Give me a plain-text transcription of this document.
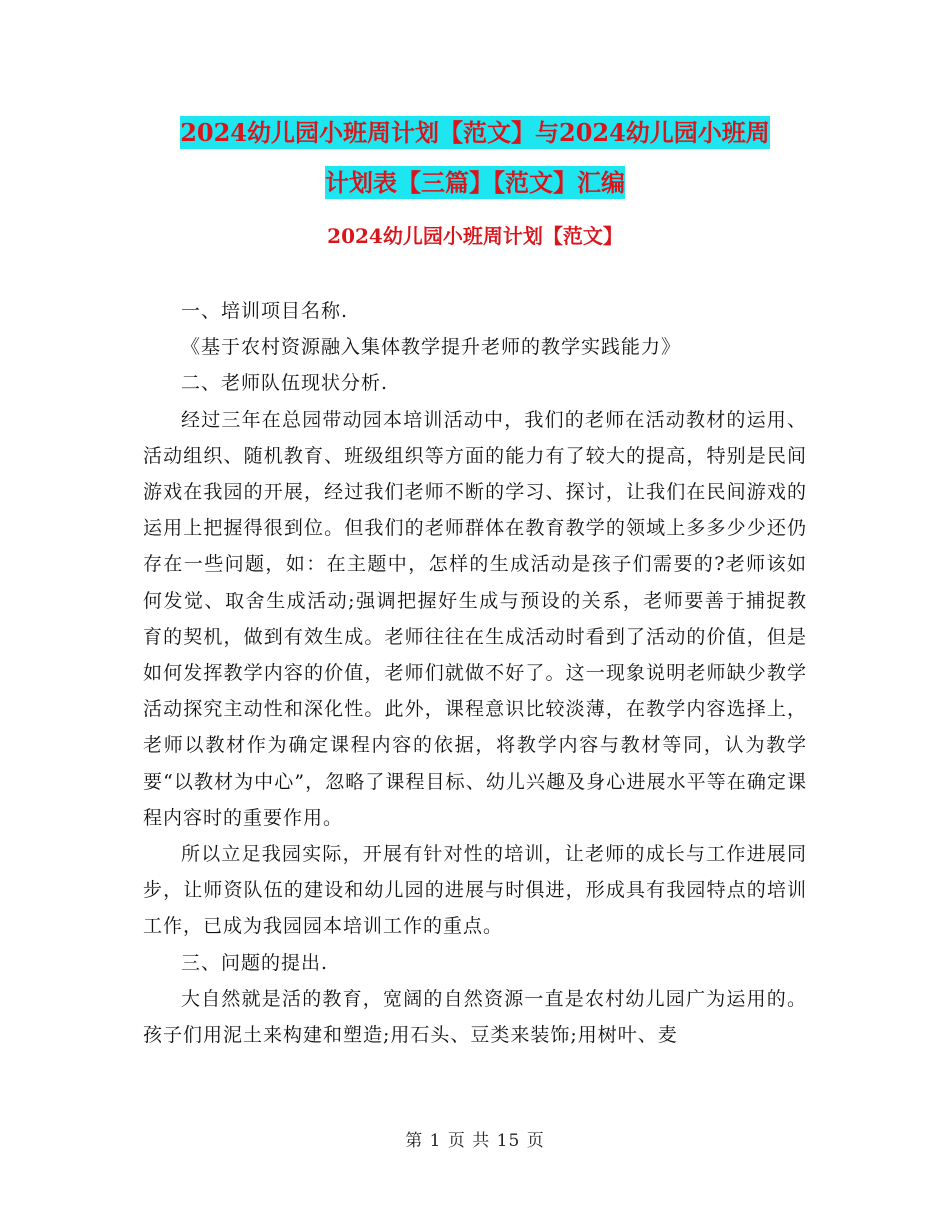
2024幼儿园小班周计划【范文】与2024幼儿园小班周
计划表【三篇】【范文】汇编
2024幼儿园小班周计划【范文】

一、培训项目名称.

《基于农村资源融入集体教学提升老师的教学实践能力》

二、老师队伍现状分析.

经过三年在总园带动园本培训活动中，我们的老师在活动教材的运用、活动组织、随机教育、班级组织等方面的能力有了较大的提高，特别是民间游戏在我园的开展，经过我们老师不断的学习、探讨，让我们在民间游戏的运用上把握得很到位。但我们的老师群体在教育教学的领域上多多少少还仍存在一些问题，如：在主题中，怎样的生成活动是孩子们需要的?老师该如何发觉、取舍生成活动;强调把握好生成与预设的关系，老师要善于捕捉教育的契机，做到有效生成。老师往往在生成活动时看到了活动的价值，但是如何发挥教学内容的价值，老师们就做不好了。这一现象说明老师缺少教学活动探究主动性和深化性。此外，课程意识比较淡薄，在教学内容选择上，老师以教材作为确定课程内容的依据，将教学内容与教材等同，认为教学要“以教材为中心”，忽略了课程目标、幼儿兴趣及身心进展水平等在确定课程内容时的重要作用。

所以立足我园实际，开展有针对性的培训，让老师的成长与工作进展同步，让师资队伍的建设和幼儿园的进展与时俱进，形成具有我园特点的培训工作，已成为我园园本培训工作的重点。

三、问题的提出.

大自然就是活的教育，宽阔的自然资源一直是农村幼儿园广为运用的。孩子们用泥土来构建和塑造;用石头、豆类来装饰;用树叶、麦

第 1 页 共 15 页
